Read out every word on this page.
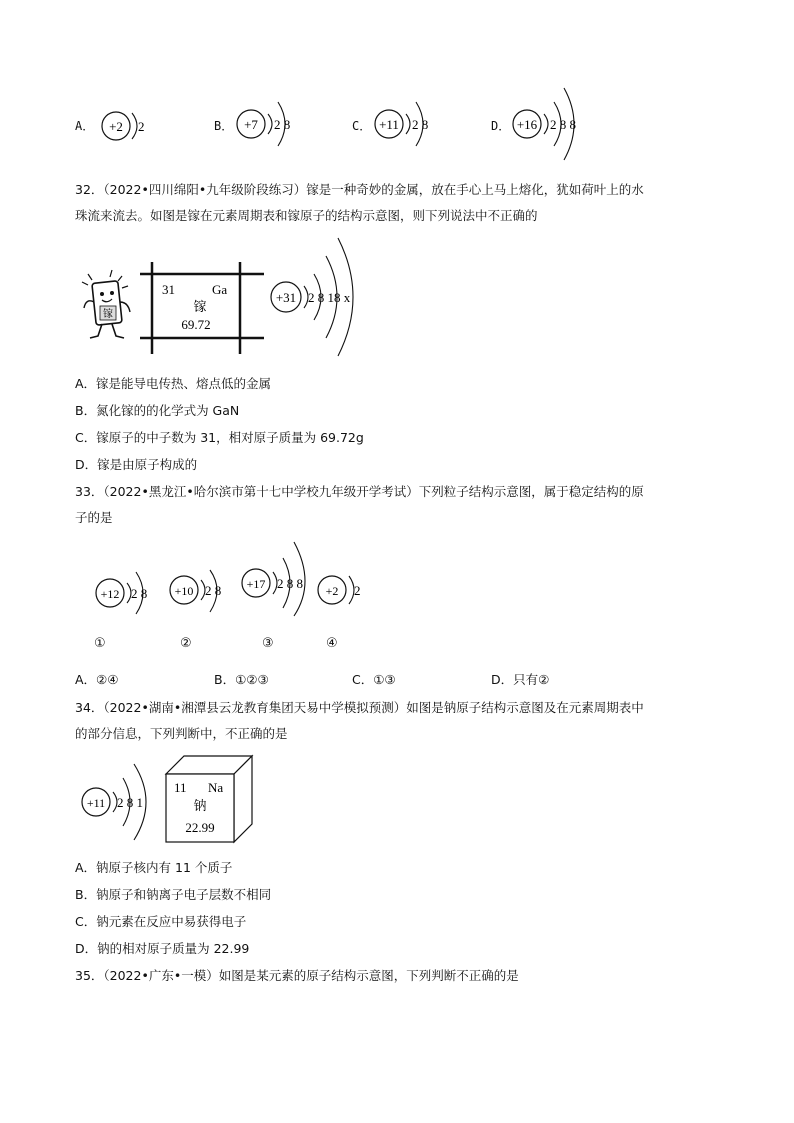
A． +2 2	B． +7 2 8	C． +11 2 8	D． +16 2 8 8
32．（2022•四川绵阳•九年级阶段练习）镓是一种奇妙的金属，放在手心上马上熔化，犹如荷叶上的水
珠流来流去。如图是镓在元素周期表和镓原子的结构示意图，则下列说法中不正确的
镓
31	Ga
镓
69.72
+31 2 8 18 x
A．镓是能导电传热、熔点低的金属
B．氮化镓的的化学式为 GaN
C．镓原子的中子数为 31，相对原子质量为 69.72g
D．镓是由原子构成的
33．（2022•黑龙江•哈尔滨市第十七中学校九年级开学考试）下列粒子结构示意图，属于稳定结构的原
子的是
+12 2 8 +10 2 8 +17 2 8 8 +2 2
①	②	③	④
A．②④	B．①②③	C．①③	D．只有②
34．（2022•湖南•湘潭县云龙教育集团天易中学模拟预测）如图是钠原子结构示意图及在元素周期表中
的部分信息，下列判断中，不正确的是
+11 2 8 1
11 Na
钠
22.99
A．钠原子核内有 11 个质子
B．钠原子和钠离子电子层数不相同
C．钠元素在反应中易获得电子
D．钠的相对原子质量为 22.99
35．（2022•广东•一模）如图是某元素的原子结构示意图，下列判断不正确的是
